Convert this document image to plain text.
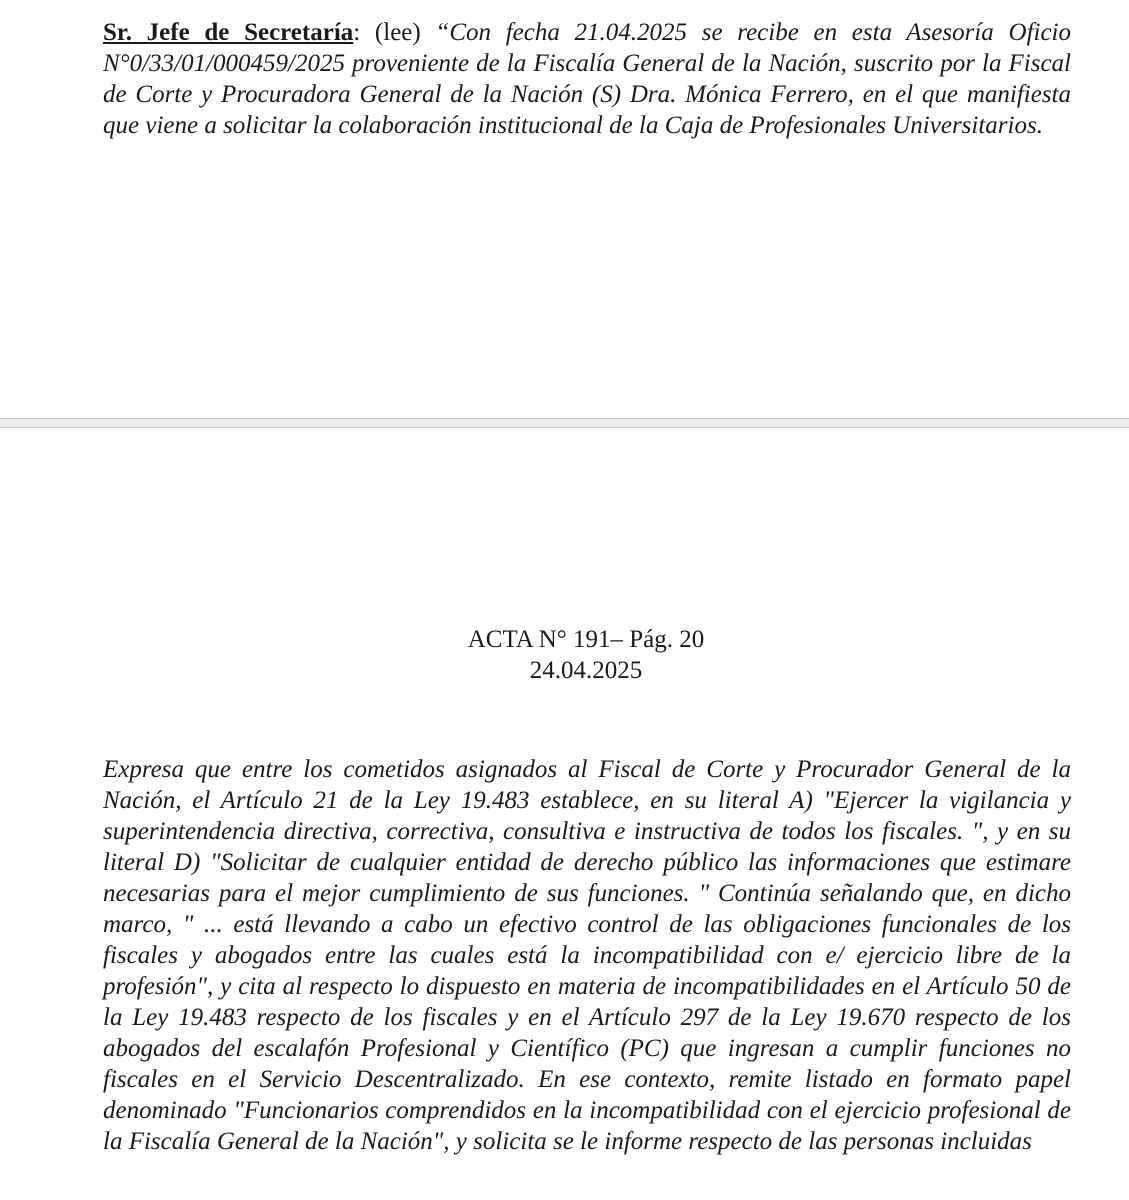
Sr. Jefe de Secretaría: (lee) “Con fecha 21.04.2025 se recibe en esta Asesoría Oficio N°0/33/01/000459/2025 proveniente de la Fiscalía General de la Nación, suscrito por la Fiscal de Corte y Procuradora General de la Nación (S) Dra. Mónica Ferrero, en el que manifiesta que viene a solicitar la colaboración institucional de la Caja de Profesionales Universitarios.

ACTA N° 191– Pág. 20
24.04.2025

Expresa que entre los cometidos asignados al Fiscal de Corte y Procurador General de la Nación, el Artículo 21 de la Ley 19.483 establece, en su literal A) "Ejercer la vigilancia y superintendencia directiva, correctiva, consultiva e instructiva de todos los fiscales. ", y en su literal D) "Solicitar de cualquier entidad de derecho público las informaciones que estimare necesarias para el mejor cumplimiento de sus funciones. " Continúa señalando que, en dicho marco, " ... está llevando a cabo un efectivo control de las obligaciones funcionales de los fiscales y abogados entre las cuales está la incompatibilidad con e/ ejercicio libre de la profesión", y cita al respecto lo dispuesto en materia de incompatibilidades en el Artículo 50 de la Ley 19.483 respecto de los fiscales y en el Artículo 297 de la Ley 19.670 respecto de los abogados del escalafón Profesional y Científico (PC) que ingresan a cumplir funciones no fiscales en el Servicio Descentralizado. En ese contexto, remite listado en formato papel denominado "Funcionarios comprendidos en la incompatibilidad con el ejercicio profesional de la Fiscalía General de la Nación", y solicita se le informe respecto de las personas incluidas
